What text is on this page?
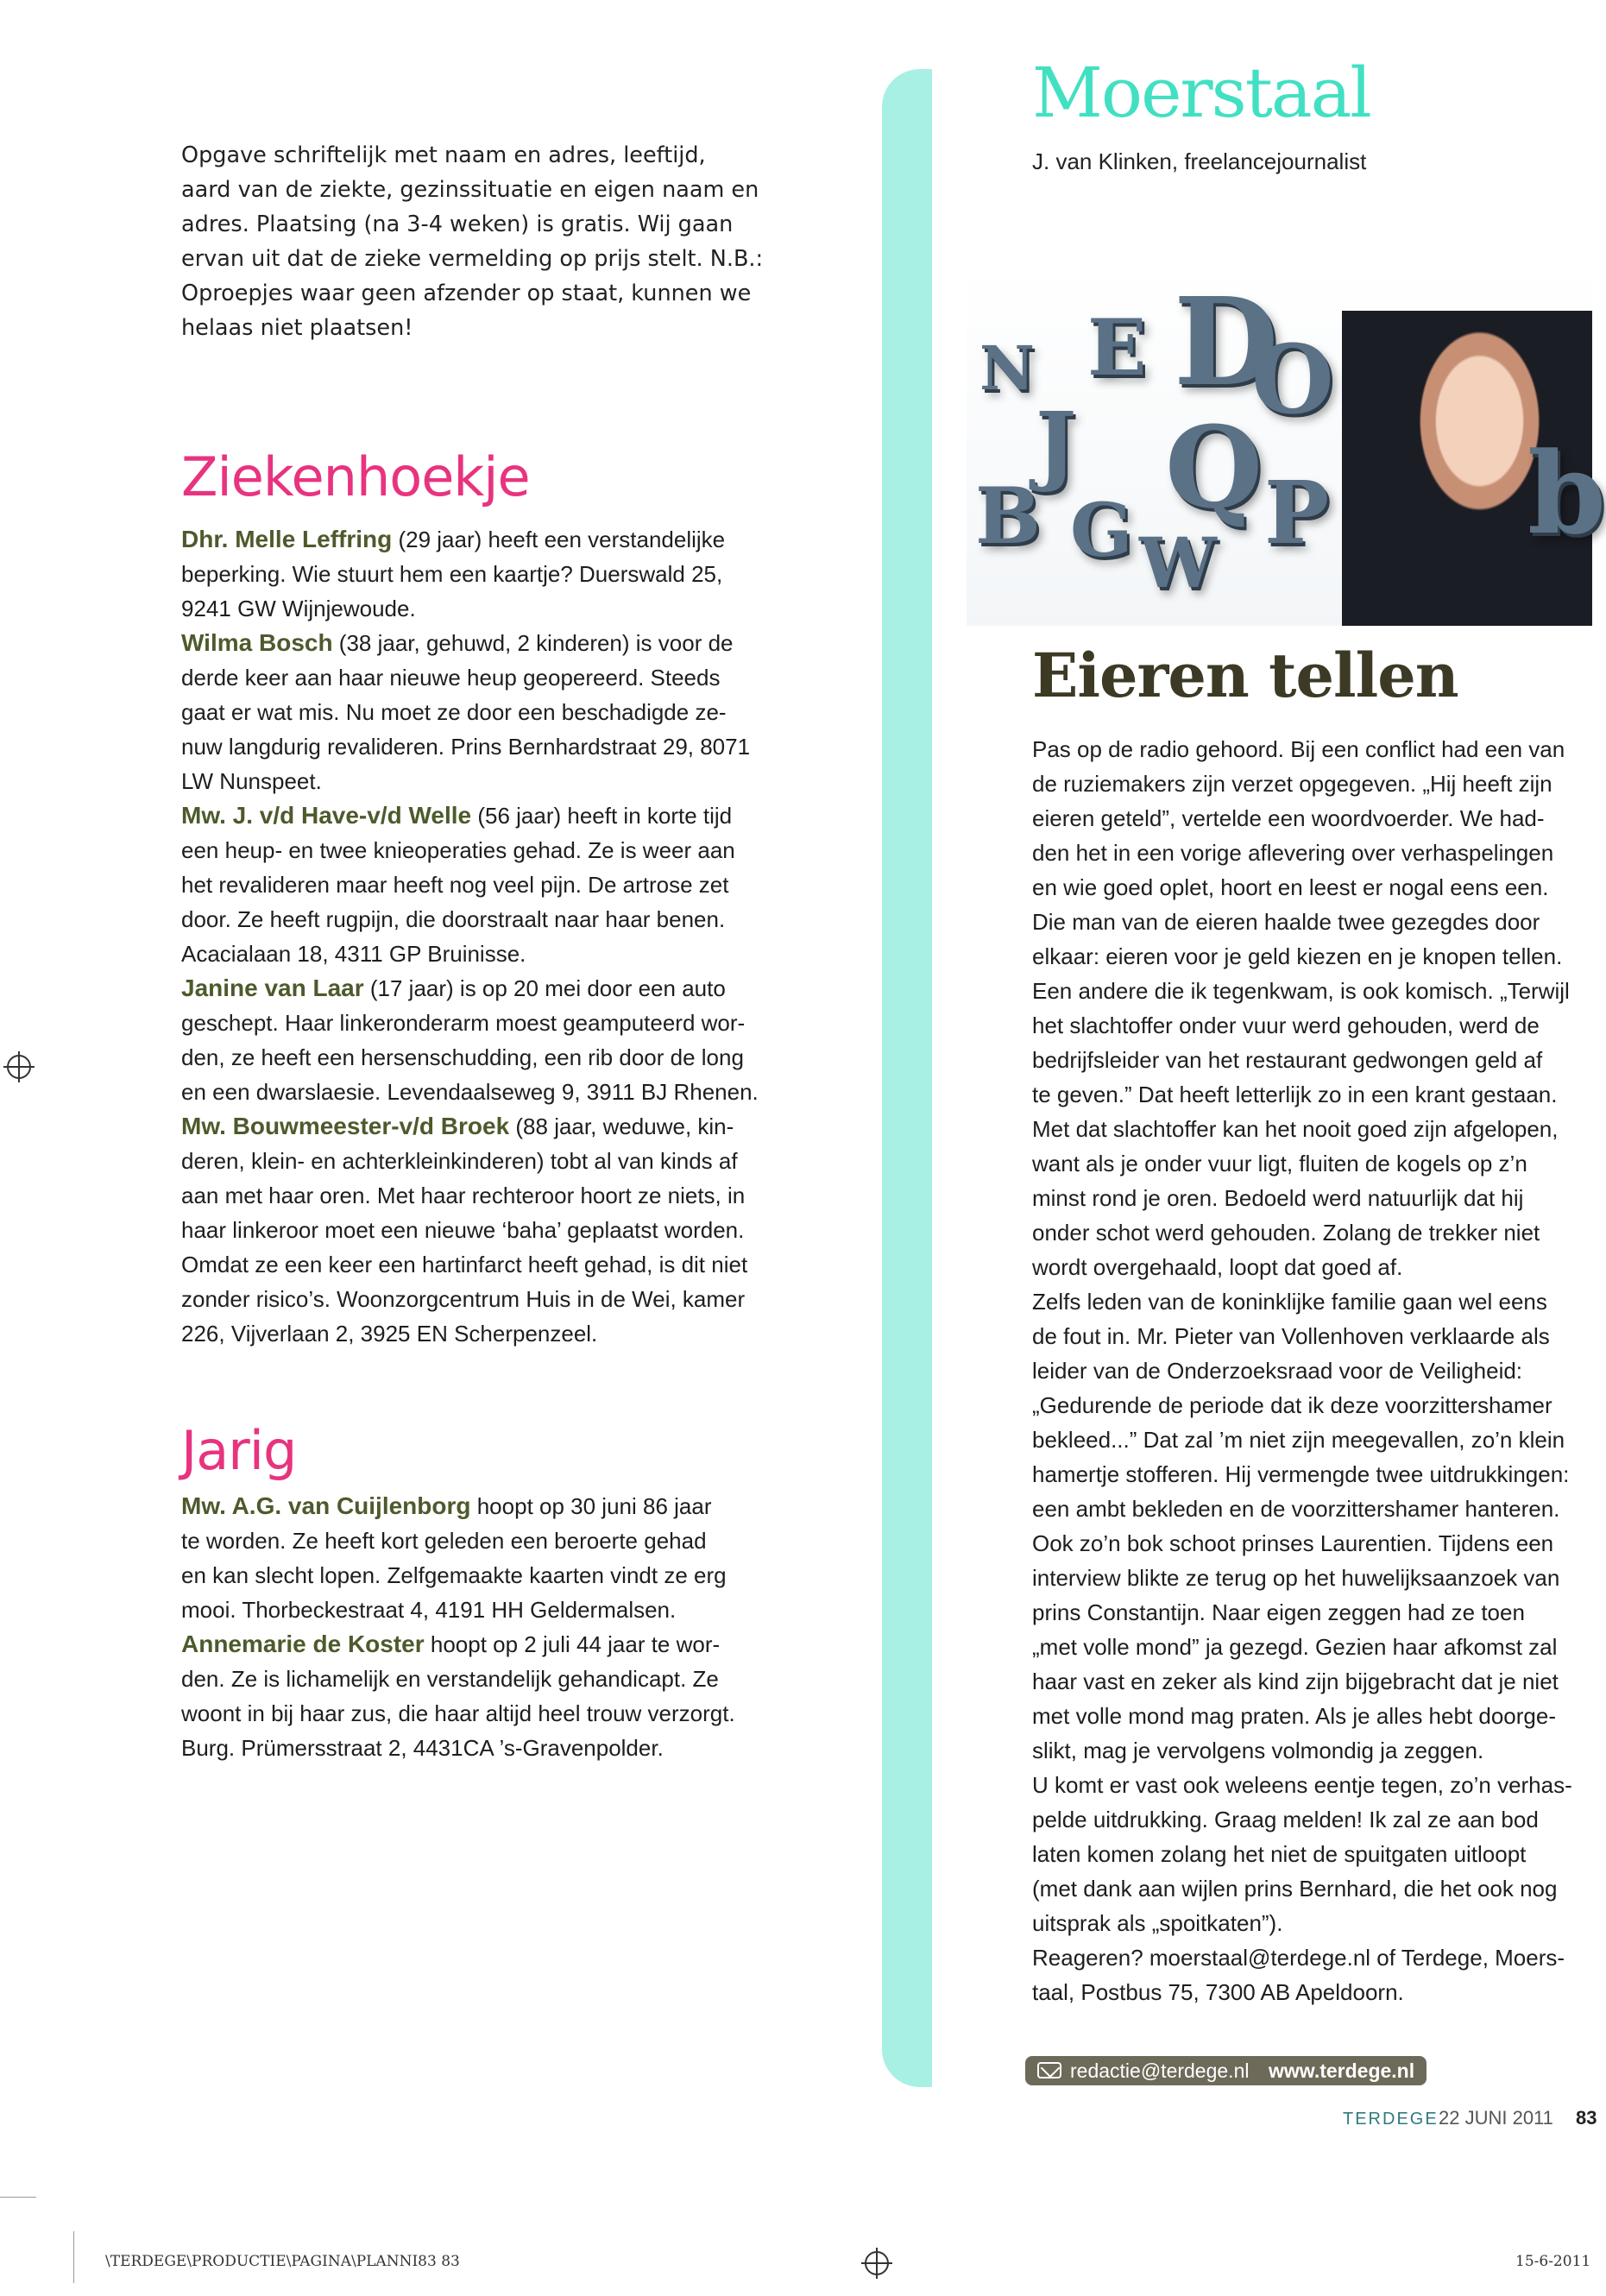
Opgave schriftelijk met naam en adres, leeftijd,
aard van de ziekte, gezinssituatie en eigen naam en
adres. Plaatsing (na 3-4 weken) is gratis. Wij gaan
ervan uit dat de zieke vermelding op prijs stelt. N.B.:
Oproepjes waar geen afzender op staat, kunnen we
helaas niet plaatsen!
Ziekenhoekje
Dhr. Melle Leffring (29 jaar) heeft een verstandelijke
beperking. Wie stuurt hem een kaartje? Duerswald 25,
9241 GW Wijnjewoude.
Wilma Bosch (38 jaar, gehuwd, 2 kinderen) is voor de
derde keer aan haar nieuwe heup geopereerd. Steeds
gaat er wat mis. Nu moet ze door een beschadigde ze-
nuw langdurig revalideren. Prins Bernhardstraat 29, 8071
LW Nunspeet.
Mw. J. v/d Have-v/d Welle (56 jaar) heeft in korte tijd
een heup- en twee knieoperaties gehad. Ze is weer aan
het revalideren maar heeft nog veel pijn. De artrose zet
door. Ze heeft rugpijn, die doorstraalt naar haar benen.
Acacialaan 18, 4311 GP Bruinisse.
Janine van Laar (17 jaar) is op 20 mei door een auto
geschept. Haar linkeronderarm moest geamputeerd wor-
den, ze heeft een hersenschudding, een rib door de long
en een dwarslaesie. Levendaalseweg 9, 3911 BJ Rhenen.
Mw. Bouwmeester-v/d Broek (88 jaar, weduwe, kin-
deren, klein- en achterkleinkinderen) tobt al van kinds af
aan met haar oren. Met haar rechteroor hoort ze niets, in
haar linkeroor moet een nieuwe ‘baha’ geplaatst worden.
Omdat ze een keer een hartinfarct heeft gehad, is dit niet
zonder risico’s. Woonzorgcentrum Huis in de Wei, kamer
226, Vijverlaan 2, 3925 EN Scherpenzeel.
Jarig
Mw. A.G. van Cuijlenborg hoopt op 30 juni 86 jaar
te worden. Ze heeft kort geleden een beroerte gehad
en kan slecht lopen. Zelfgemaakte kaarten vindt ze erg
mooi. Thorbeckestraat 4, 4191 HH Geldermalsen.
Annemarie de Koster hoopt op 2 juli 44 jaar te wor-
den. Ze is lichamelijk en verstandelijk gehandicapt. Ze
woont in bij haar zus, die haar altijd heel trouw verzorgt.
Burg. Prümersstraat 2, 4431CA ’s-Gravenpolder.
Moerstaal
J. van Klinken, freelancejournalist
N D
E
J Q
O
B	P
W
G	b
Eieren tellen
Pas op de radio gehoord. Bij een conflict had een van
de ruziemakers zijn verzet opgegeven. „Hij heeft zijn
eieren geteld”, vertelde een woordvoerder. We had-
den het in een vorige aflevering over verhaspelingen
en wie goed oplet, hoort en leest er nogal eens een.
Die man van de eieren haalde twee gezegdes door
elkaar: eieren voor je geld kiezen en je knopen tellen.
Een andere die ik tegenkwam, is ook komisch. „Terwijl
het slachtoffer onder vuur werd gehouden, werd de
bedrijfsleider van het restaurant gedwongen geld af
te geven.” Dat heeft letterlijk zo in een krant gestaan.
Met dat slachtoffer kan het nooit goed zijn afgelopen,
want als je onder vuur ligt, fluiten de kogels op z’n
minst rond je oren. Bedoeld werd natuurlijk dat hij
onder schot werd gehouden. Zolang de trekker niet
wordt overgehaald, loopt dat goed af.
Zelfs leden van de koninklijke familie gaan wel eens
de fout in. Mr. Pieter van Vollenhoven verklaarde als
leider van de Onderzoeksraad voor de Veiligheid:
„Gedurende de periode dat ik deze voorzittershamer
bekleed...” Dat zal ’m niet zijn meegevallen, zo’n klein
hamertje stofferen. Hij vermengde twee uitdrukkingen:
een ambt bekleden en de voorzittershamer hanteren.
Ook zo’n bok schoot prinses Laurentien. Tijdens een
interview blikte ze terug op het huwelijksaanzoek van
prins Constantijn. Naar eigen zeggen had ze toen
„met volle mond” ja gezegd. Gezien haar afkomst zal
haar vast en zeker als kind zijn bijgebracht dat je niet
met volle mond mag praten. Als je alles hebt doorge-
slikt, mag je vervolgens volmondig ja zeggen.
U komt er vast ook weleens eentje tegen, zo’n verhas-
pelde uitdrukking. Graag melden! Ik zal ze aan bod
laten komen zolang het niet de spuitgaten uitloopt
(met dank aan wijlen prins Bernhard, die het ook nog
uitsprak als „spoitkaten”).
Reageren? moerstaal@terdege.nl of Terdege, Moers-
taal, Postbus 75, 7300 AB Apeldoorn.
redactie@terdege.nl www.terdege.nl
TERDEGE 22 JUNI 2011 83
\TERDEGE\PRODUCTIE\PAGINA\PLANNI83 83	15-6-2011
